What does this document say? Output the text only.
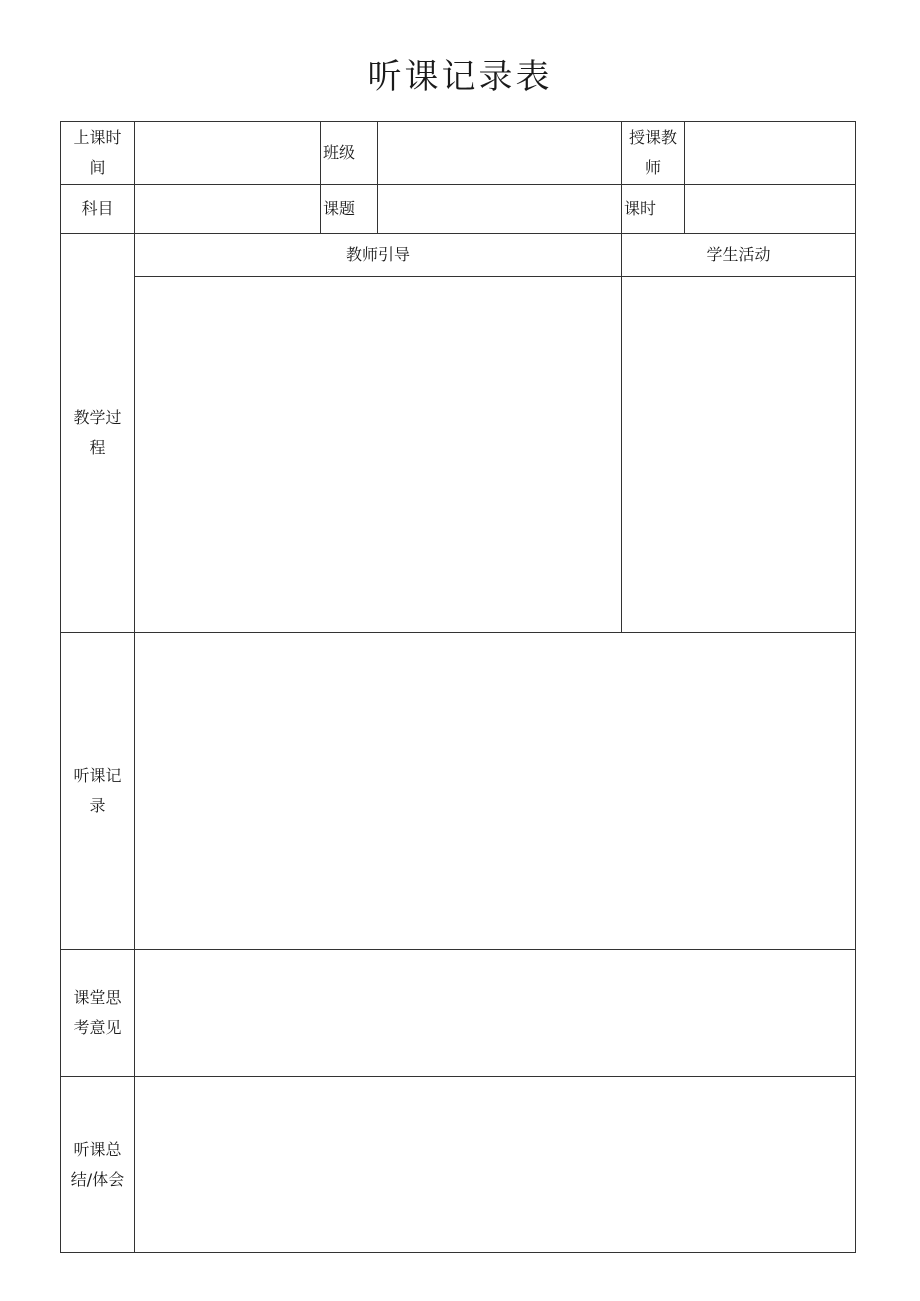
听课记录表
上课时间		班级		授课教师	
科目		课题		课时	
教学过程	教师引导			学生活动	

听课记录					
课堂思考意见					
听课总结/体会					
